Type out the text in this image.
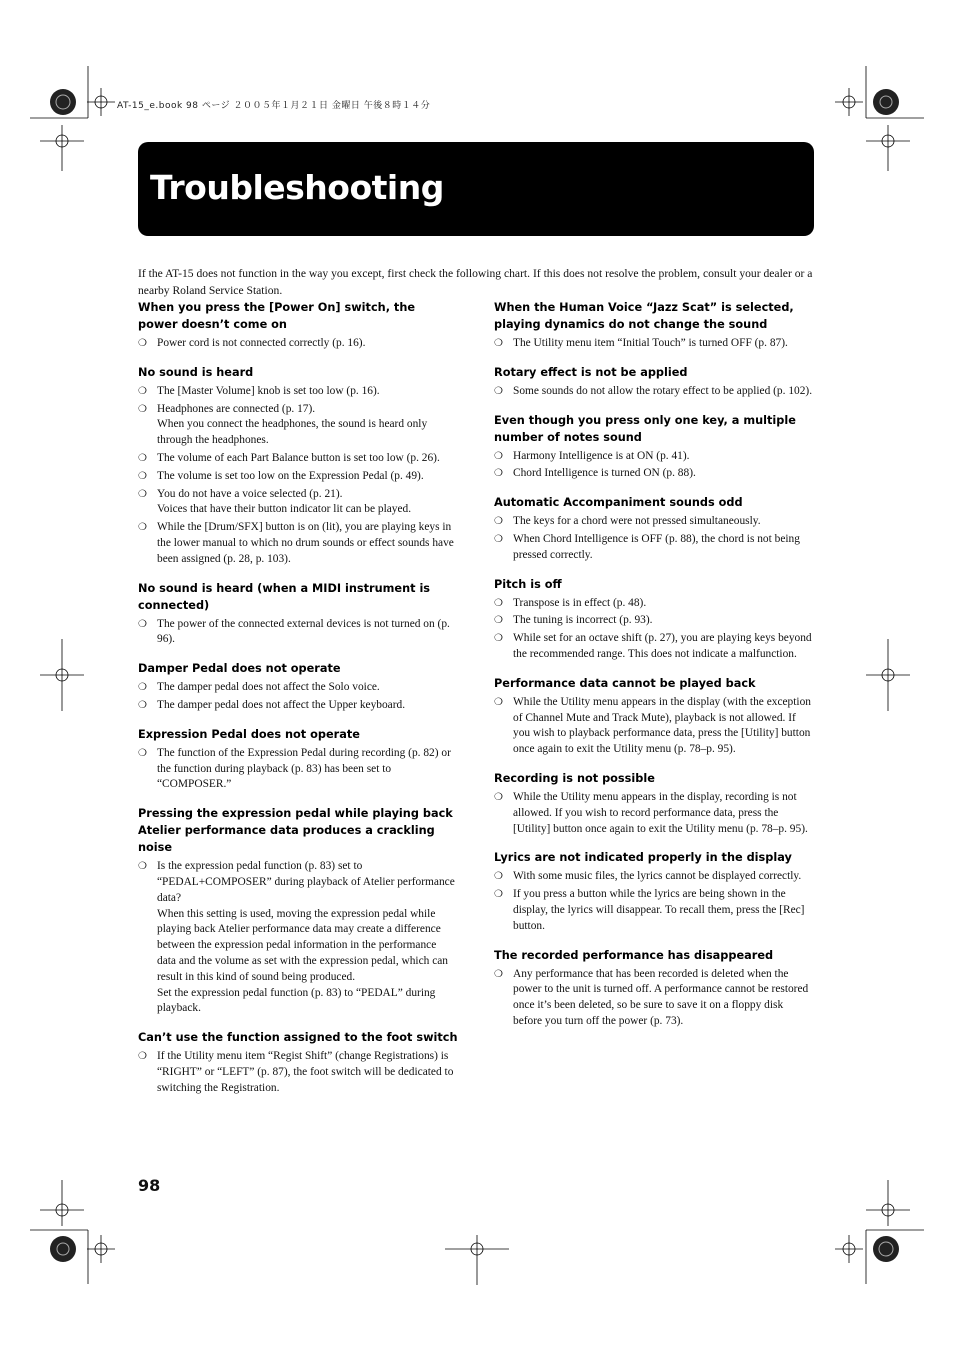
AT-15_e.book 98 ページ ２００５年１月２１日 金曜日 午後８時１４分
Troubleshooting

If the AT-15 does not function in the way you except, first check the following chart. If this does not resolve the problem, consult your dealer or a nearby Roland Service Station.

When you press the [Power On] switch, the power doesn’t come on
❍ Power cord is not connected correctly (p. 16).
No sound is heard
❍ The [Master Volume] knob is set too low (p. 16).
❍ Headphones are connected (p. 17).
When you connect the headphones, the sound is heard only through the headphones.
❍ The volume of each Part Balance button is set too low (p. 26).
❍ The volume is set too low on the Expression Pedal (p. 49).
❍ You do not have a voice selected (p. 21).
Voices that have their button indicator lit can be played.
❍ While the [Drum/SFX] button is on (lit), you are playing keys in the lower manual to which no drum sounds or effect sounds have been assigned (p. 28, p. 103).
No sound is heard (when a MIDI instrument is connected)
❍ The power of the connected external devices is not turned on (p. 96).
Damper Pedal does not operate
❍ The damper pedal does not affect the Solo voice.
❍ The damper pedal does not affect the Upper keyboard.
Expression Pedal does not operate
❍ The function of the Expression Pedal during recording (p. 82) or the function during playback (p. 83) has been set to “COMPOSER.”
Pressing the expression pedal while playing back Atelier performance data produces a crackling noise
❍ Is the expression pedal function (p. 83) set to “PEDAL+COMPOSER” during playback of Atelier performance data?
When this setting is used, moving the expression pedal while playing back Atelier performance data may create a difference between the expression pedal information in the performance data and the volume as set with the expression pedal, which can result in this kind of sound being produced.
Set the expression pedal function (p. 83) to “PEDAL” during playback.
Can’t use the function assigned to the foot switch
❍ If the Utility menu item “Regist Shift” (change Registrations) is “RIGHT” or “LEFT” (p. 87), the foot switch will be dedicated to switching the Registration.
When the Human Voice “Jazz Scat” is selected, playing dynamics do not change the sound
❍ The Utility menu item “Initial Touch” is turned OFF (p. 87).
Rotary effect is not be applied
❍ Some sounds do not allow the rotary effect to be applied (p. 102).
Even though you press only one key, a multiple number of notes sound
❍ Harmony Intelligence is at ON (p. 41).
❍ Chord Intelligence is turned ON (p. 88).
Automatic Accompaniment sounds odd
❍ The keys for a chord were not pressed simultaneously.
❍ When Chord Intelligence is OFF (p. 88), the chord is not being pressed correctly.
Pitch is off
❍ Transpose is in effect (p. 48).
❍ The tuning is incorrect (p. 93).
❍ While set for an octave shift (p. 27), you are playing keys beyond the recommended range. This does not indicate a malfunction.
Performance data cannot be played back
❍ While the Utility menu appears in the display (with the exception of Channel Mute and Track Mute), playback is not allowed. If you wish to playback performance data, press the [Utility] button once again to exit the Utility menu (p. 78–p. 95).
Recording is not possible
❍ While the Utility menu appears in the display, recording is not allowed. If you wish to record performance data, press the [Utility] button once again to exit the Utility menu (p. 78–p. 95).
Lyrics are not indicated properly in the display
❍ With some music files, the lyrics cannot be displayed correctly.
❍ If you press a button while the lyrics are being shown in the display, the lyrics will disappear. To recall them, press the [Rec] button.
The recorded performance has disappeared
❍ Any performance that has been recorded is deleted when the power to the unit is turned off. A performance cannot be restored once it’s been deleted, so be sure to save it on a floppy disk before you turn off the power (p. 73).
98
